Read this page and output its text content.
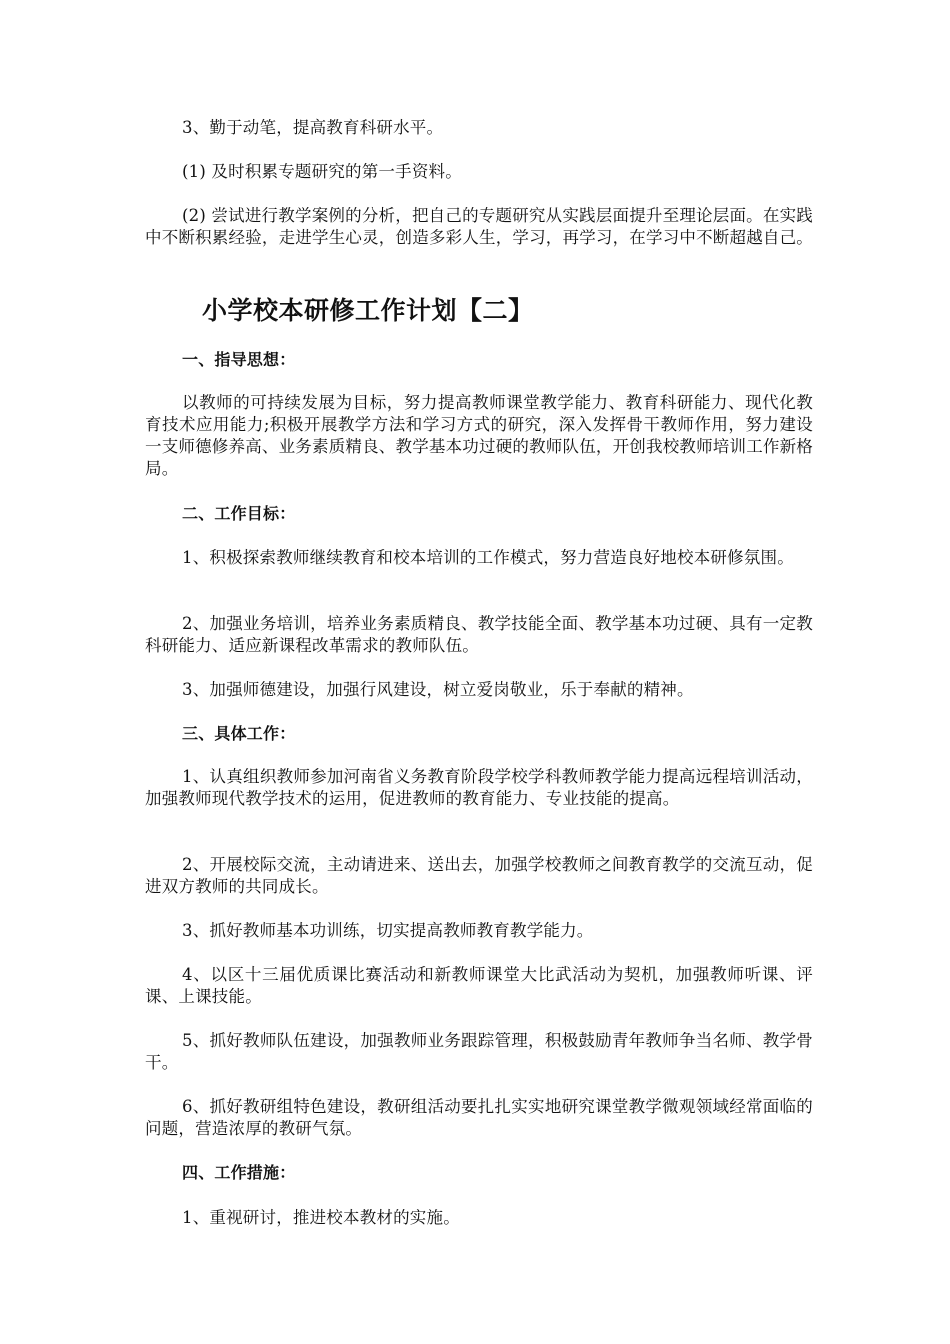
3、勤于动笔，提高教育科研水平。

(1) 及时积累专题研究的第一手资料。

(2) 尝试进行教学案例的分析，把自己的专题研究从实践层面提升至理论层面。在实践中不断积累经验，走进学生心灵，创造多彩人生，学习，再学习，在学习中不断超越自己。

小学校本研修工作计划【二】

一、指导思想：

以教师的可持续发展为目标，努力提高教师课堂教学能力、教育科研能力、现代化教育技术应用能力;积极开展教学方法和学习方式的研究，深入发挥骨干教师作用，努力建设一支师德修养高、业务素质精良、教学基本功过硬的教师队伍，开创我校教师培训工作新格局。

二、工作目标：

1、积极探索教师继续教育和校本培训的工作模式，努力营造良好地校本研修氛围。

2、加强业务培训，培养业务素质精良、教学技能全面、教学基本功过硬、具有一定教科研能力、适应新课程改革需求的教师队伍。

3、加强师德建设，加强行风建设，树立爱岗敬业，乐于奉献的精神。

三、具体工作：

1、认真组织教师参加河南省义务教育阶段学校学科教师教学能力提高远程培训活动，加强教师现代教学技术的运用，促进教师的教育能力、专业技能的提高。

2、开展校际交流，主动请进来、送出去，加强学校教师之间教育教学的交流互动，促进双方教师的共同成长。

3、抓好教师基本功训练，切实提高教师教育教学能力。

4、以区十三届优质课比赛活动和新教师课堂大比武活动为契机，加强教师听课、评课、上课技能。

5、抓好教师队伍建设，加强教师业务跟踪管理，积极鼓励青年教师争当名师、教学骨干。

6、抓好教研组特色建设，教研组活动要扎扎实实地研究课堂教学微观领域经常面临的问题，营造浓厚的教研气氛。

四、工作措施：

1、重视研讨，推进校本教材的实施。
